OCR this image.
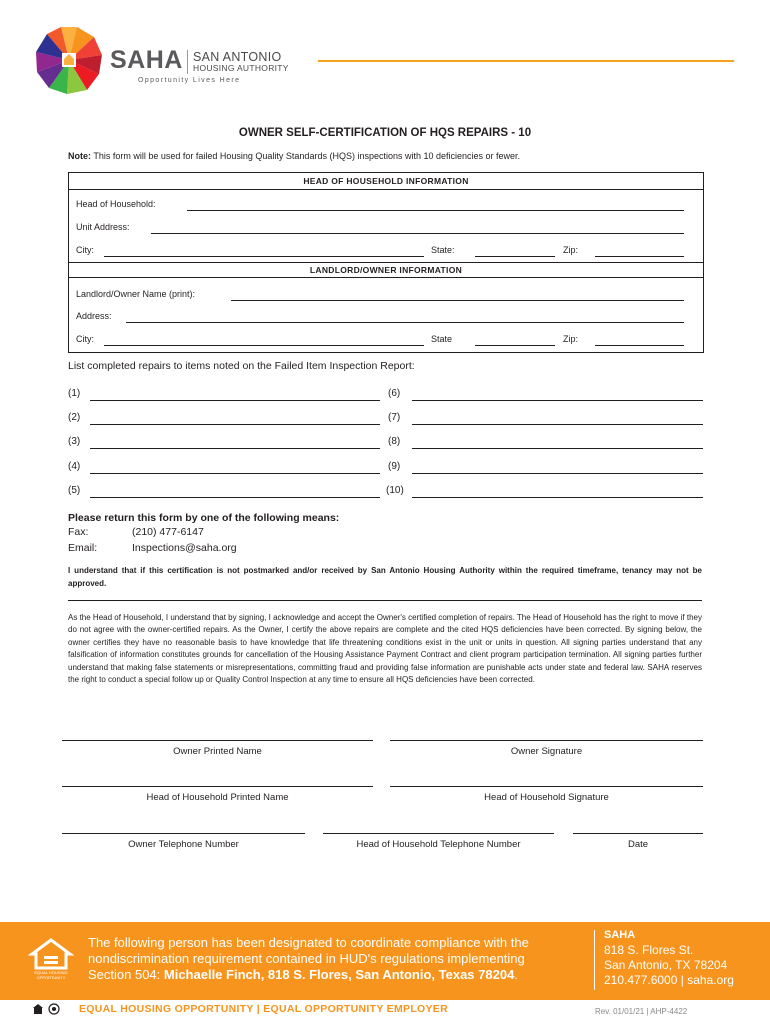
SAHA SAN ANTONIO
HOUSING AUTHORITY
Opportunity Lives Here
OWNER SELF-CERTIFICATION OF HQS REPAIRS - 10
Note: This form will be used for failed Housing Quality Standards (HQS) inspections with 10 deficiencies or fewer.
HEAD OF HOUSEHOLD INFORMATION
Head of Household:
Unit Address:
City:	State:	Zip:
LANDLORD/OWNER INFORMATION
Landlord/Owner Name (print):
Address:
City:	State	Zip:
List completed repairs to items noted on the Failed Item Inspection Report:
(1)	(6)
(2)	(7)
(3)	(8)
(4)	(9)
(5)	(10)
Please return this form by one of the following means:
Fax:	(210) 477-6147
Email:	Inspections@saha.org
I understand that if this certification is not postmarked and/or received by San Antonio Housing Authority within the required timeframe, tenancy may not be approved.
As the Head of Household, I understand that by signing, I acknowledge and accept the Owner's certified completion of repairs. The Head of Household has the right to move if they do not agree with the owner-certified repairs. As the Owner, I certify the above repairs are complete and the cited HQS deficiencies have been corrected. By signing below, the owner certifies they have no reasonable basis to have knowledge that life threatening conditions exist in the unit or units in question. All signing parties understand that any falsification of information constitutes grounds for cancellation of the Housing Assistance Payment Contract and client program participation termination. All signing parties further understand that making false statements or misrepresentations, committing fraud and providing false information are punishable acts under state and federal law. SAHA reserves the right to conduct a special follow up or Quality Control Inspection at any time to ensure all HQS deficiencies have been corrected.
Owner Printed Name	Owner Signature
Head of Household Printed Name	Head of Household Signature
Owner Telephone Number	Head of Household Telephone Number	Date
EQUAL HOUSING OPPORTUNITY
The following person has been designated to coordinate compliance with the
nondiscrimination requirement contained in HUD's regulations implementing
Section 504: Michaelle Finch, 818 S. Flores, San Antonio, Texas 78204.
SAHA
818 S. Flores St.
San Antonio, TX 78204
210.477.6000 | saha.org
EQUAL HOUSING OPPORTUNITY | EQUAL OPPORTUNITY EMPLOYER	Rev. 01/01/21 | AHP-4422
